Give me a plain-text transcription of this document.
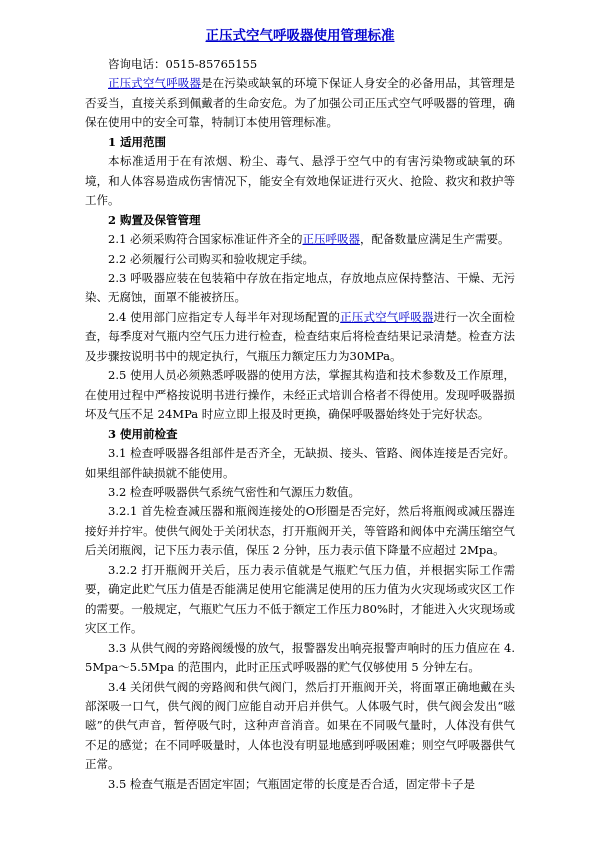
正压式空气呼吸器使用管理标准

咨询电话：0515-85765155

正压式空气呼吸器是在污染或缺氧的环境下保证人身安全的必备用品，其管理是否妥当，直接关系到佩戴者的生命安危。为了加强公司正压式空气呼吸器的管理，确保在使用中的安全可靠，特制订本使用管理标准。

1 适用范围

本标准适用于在有浓烟、粉尘、毒气、悬浮于空气中的有害污染物或缺氧的环境，和人体容易造成伤害情况下，能安全有效地保证进行灭火、抢险、救灾和救护等工作。

2 购置及保管管理

2.1 必须采购符合国家标准证件齐全的正压呼吸器，配备数量应满足生产需要。

2.2 必须履行公司购买和验收规定手续。

2.3 呼吸器应装在包装箱中存放在指定地点，存放地点应保持整洁、干燥、无污染、无腐蚀，面罩不能被挤压。

2.4 使用部门应指定专人每半年对现场配置的正压式空气呼吸器进行一次全面检查，每季度对气瓶内空气压力进行检查，检查结束后将检查结果记录清楚。检查方法及步骤按说明书中的规定执行，气瓶压力额定压力为30MPa。

2.5 使用人员必须熟悉呼吸器的使用方法，掌握其构造和技术参数及工作原理，在使用过程中严格按说明书进行操作，未经正式培训合格者不得使用。发现呼吸器损坏及气压不足 24MPa 时应立即上报及时更换，确保呼吸器始终处于完好状态。

3 使用前检查

3.1 检查呼吸器各组部件是否齐全，无缺损、接头、管路、阀体连接是否完好。如果组部件缺损就不能使用。

3.2 检查呼吸器供气系统气密性和气源压力数值。

3.2.1 首先检查减压器和瓶阀连接处的O形圈是否完好，然后将瓶阀或减压器连接好并拧牢。使供气阀处于关闭状态，打开瓶阀开关，等管路和阀体中充满压缩空气后关闭瓶阀，记下压力表示值，保压 2 分钟，压力表示值下降量不应超过 2Mpa。

3.2.2 打开瓶阀开关后，压力表示值就是气瓶贮气压力值，并根据实际工作需要，确定此贮气压力值是否能满足使用它能满足使用的压力值为火灾现场或灾区工作的需要。一般规定，气瓶贮气压力不低于额定工作压力80%时，才能进入火灾现场或灾区工作。

3.3 从供气阀的旁路阀缓慢的放气，报警器发出响亮报警声响时的压力值应在 4.5Mpa～5.5Mpa 的范围内，此时正压式呼吸器的贮气仅够使用 5 分钟左右。

3.4 关闭供气阀的旁路阀和供气阀门，然后打开瓶阀开关，将面罩正确地戴在头部深吸一口气，供气阀的阀门应能自动开启并供气。人体吸气时，供气阀会发出“嗞嗞”的供气声音，暂停吸气时，这种声音消音。如果在不同吸气量时，人体没有供气不足的感觉；在不同呼吸量时，人体也没有明显地感到呼吸困难；则空气呼吸器供气正常。

3.5 检查气瓶是否固定牢固；气瓶固定带的长度是否合适，固定带卡子是
